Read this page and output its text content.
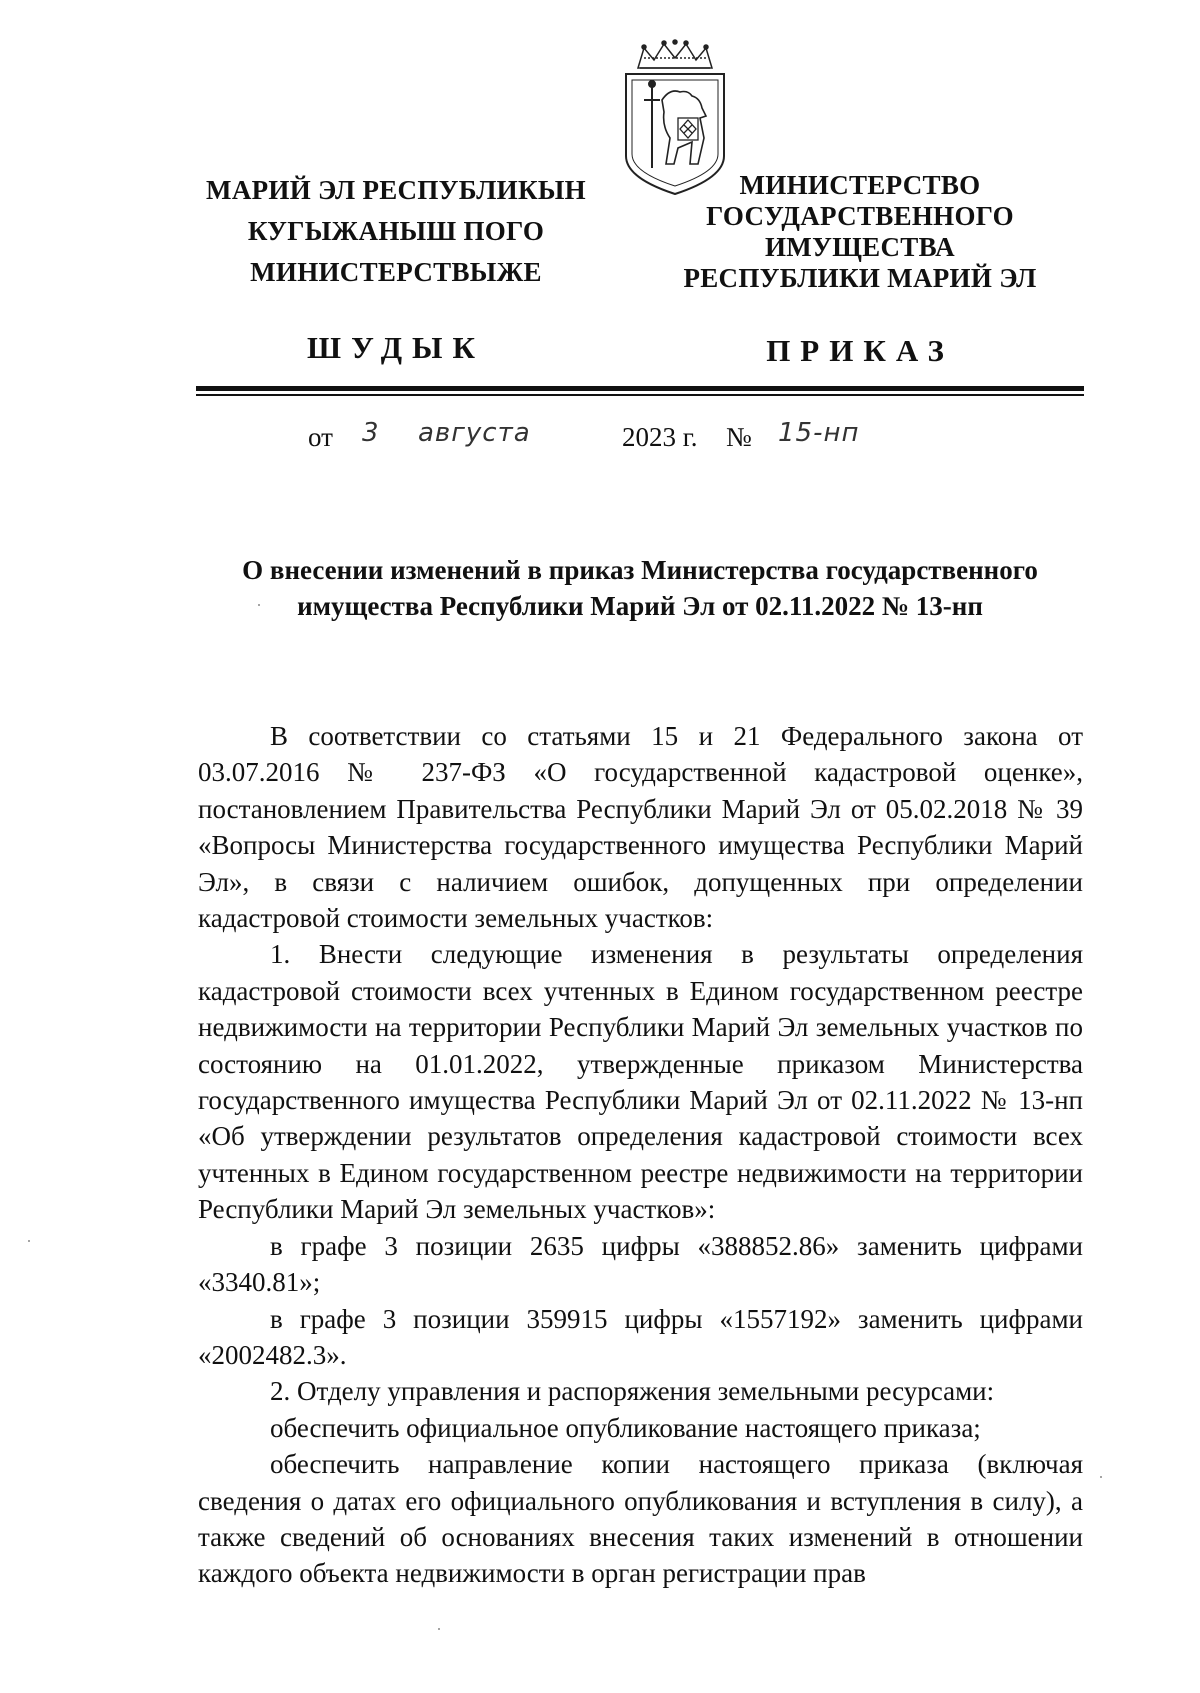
МАРИЙ ЭЛ РЕСПУБЛИКЫН
КУГЫЖАНЫШ ПОГО
МИНИСТЕРСТВЫЖЕ
ШУДЫК
МИНИСТЕРСТВО
ГОСУДАРСТВЕННОГО
ИМУЩЕСТВА
РЕСПУБЛИКИ МАРИЙ ЭЛ
ПРИКАЗ
от 3 августа	2023 г. № 15-нп
О внесении изменений в приказ Министерства государственного
имущества Республики Марий Эл от 02.11.2022 № 13-нп

В соответствии со статьями 15 и 21 Федерального закона от 03.07.2016 № 237-ФЗ «О государственной кадастровой оценке», постановлением Правительства Республики Марий Эл от 05.02.2018 № 39 «Вопросы Министерства государственного имущества Республики Марий Эл», в связи с наличием ошибок, допущенных при определении кадастровой стоимости земельных участков:

1. Внести следующие изменения в результаты определения кадастровой стоимости всех учтенных в Едином государственном реестре недвижимости на территории Республики Марий Эл земельных участков по состоянию на 01.01.2022, утвержденные приказом Министерства государственного имущества Республики Марий Эл от 02.11.2022 № 13-нп «Об утверждении результатов определения кадастровой стоимости всех учтенных в Едином государственном реестре недвижимости на территории Республики Марий Эл земельных участков»:

в графе 3 позиции 2635 цифры «388852.86» заменить цифрами «3340.81»;

в графе 3 позиции 359915 цифры «1557192» заменить цифрами «2002482.3».

2. Отделу управления и распоряжения земельными ресурсами:

обеспечить официальное опубликование настоящего приказа;

обеспечить направление копии настоящего приказа (включая сведения о датах его официального опубликования и вступления в силу), а также сведений об основаниях внесения таких изменений в отношении каждого объекта недвижимости в орган регистрации прав
